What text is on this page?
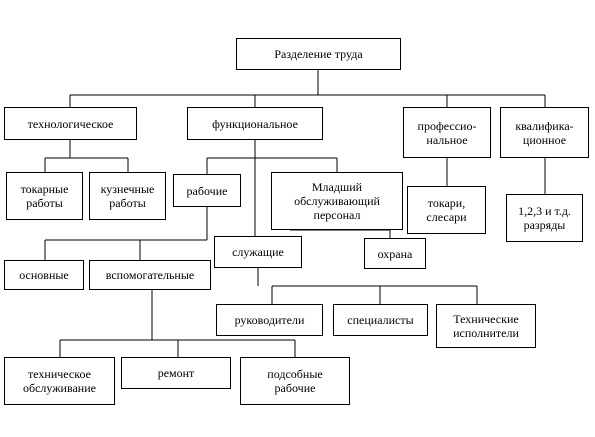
Разделение труда
технологическое	функциональное	професcио-
нальное
квалифика-
ционное
токарные
работы
кузнечные
работы
рабочие	Младший
обслуживающий
персонал
токари,
слесари	1,2,3 и т.д.
разряды
служащие	охрана
основные	вспомогательные
руководители	специалисты	Технические
исполнители
техническое
обслуживание
ремонт	подсобные
рабочие
